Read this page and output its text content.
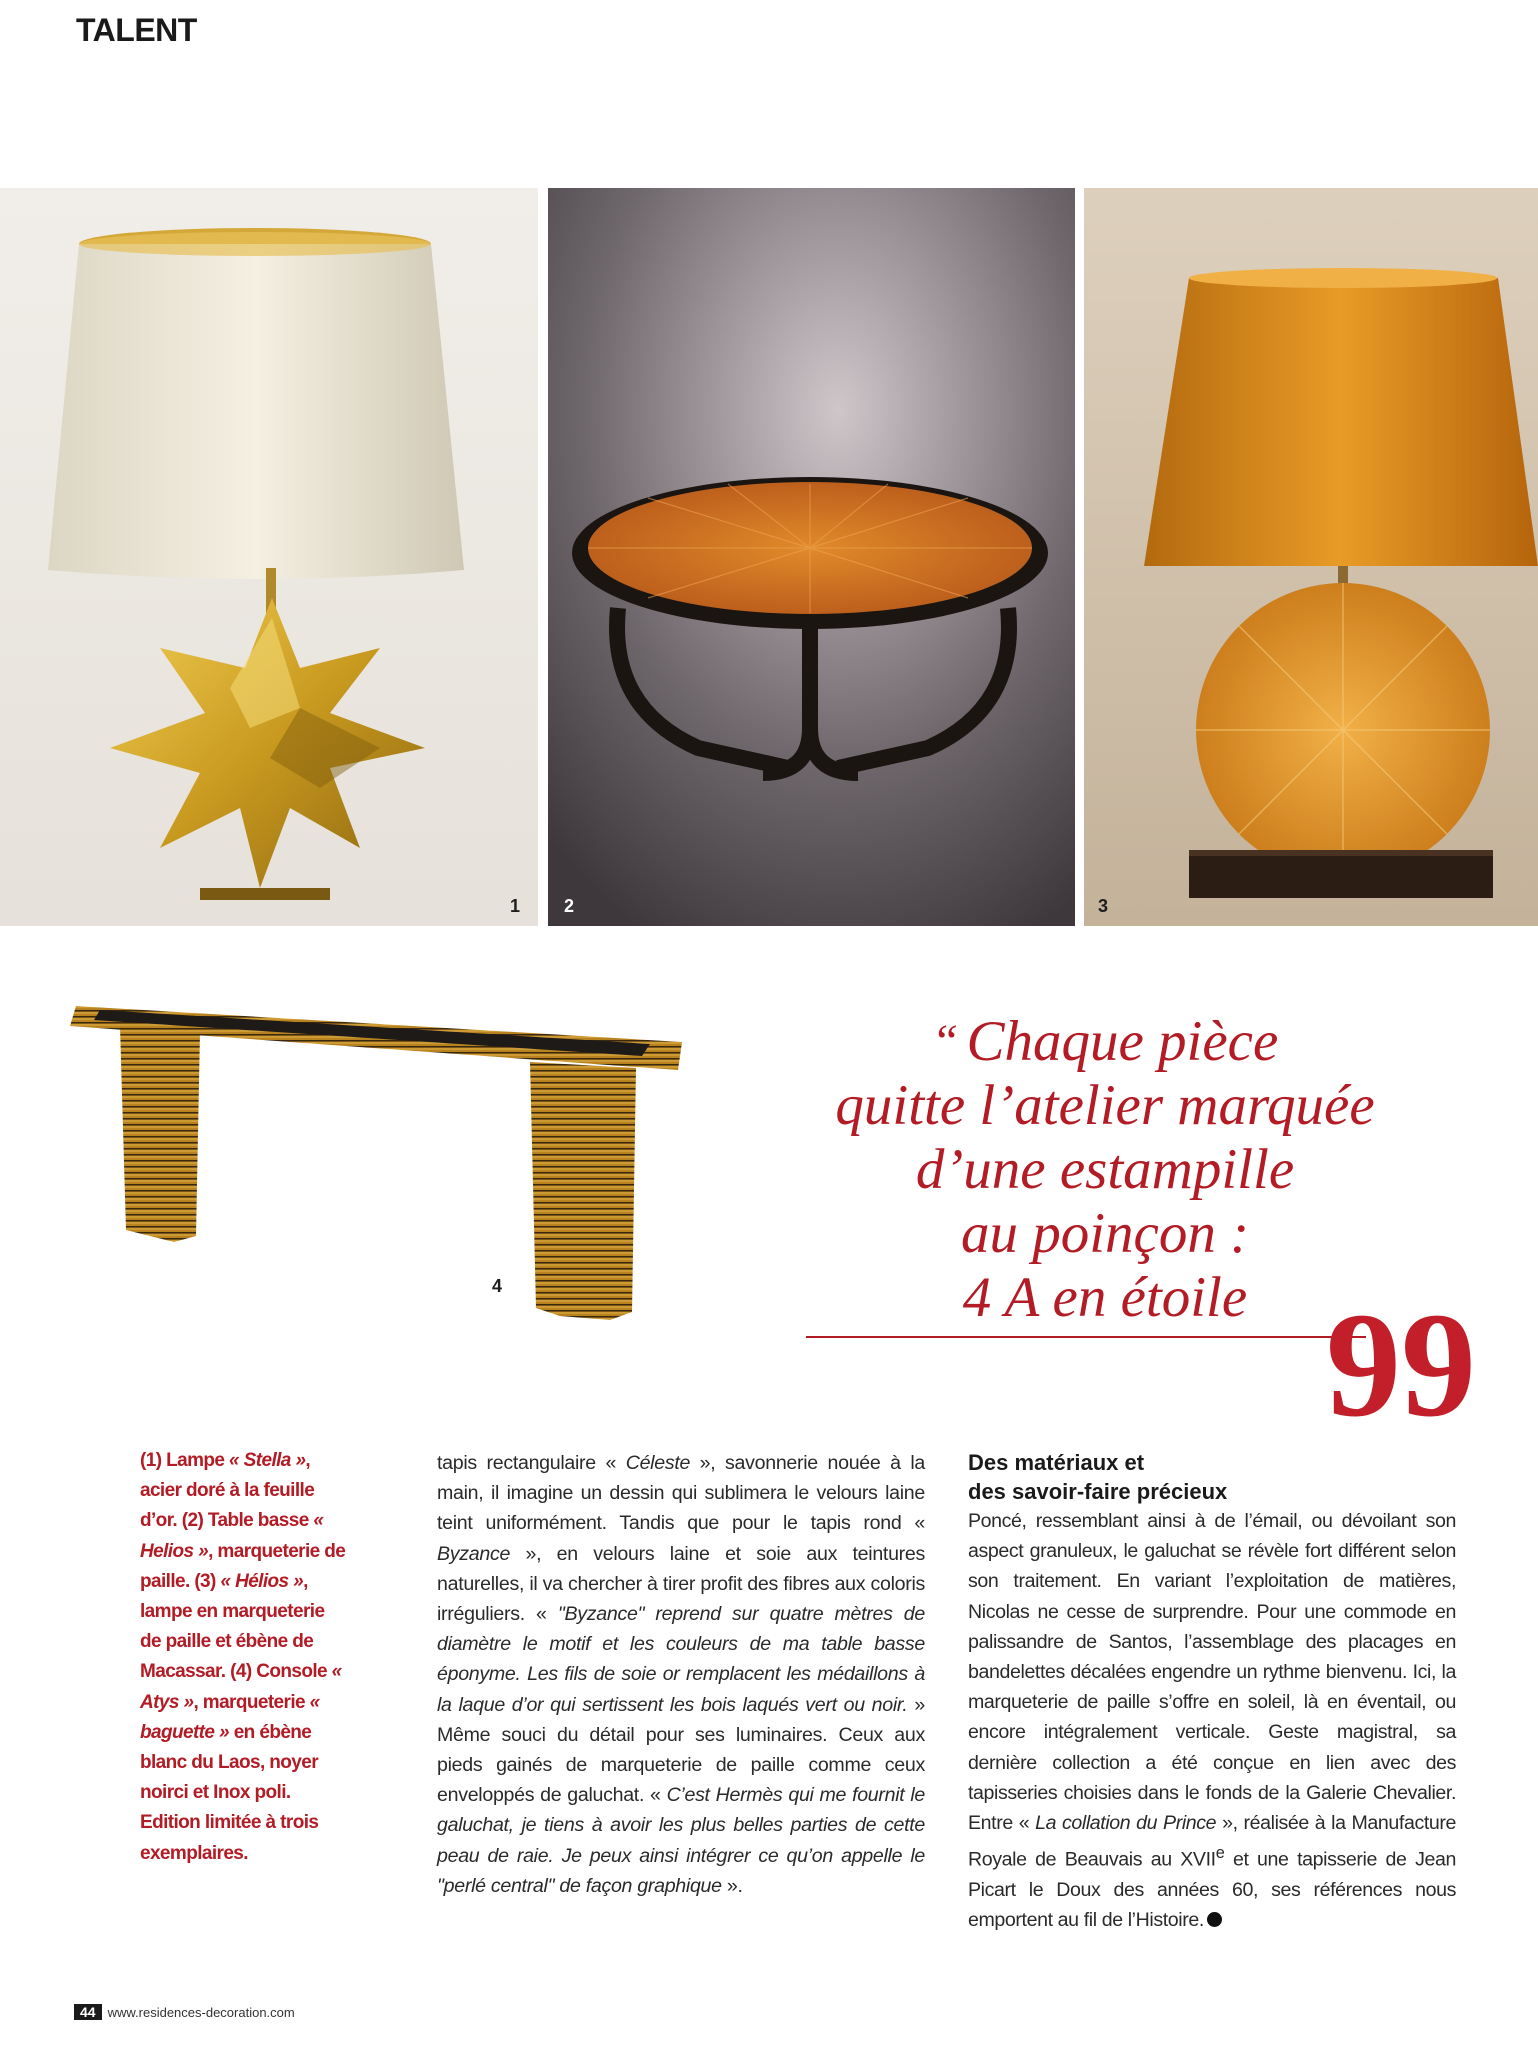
TALENT
1 2	3
4
“ Chaque pièce
quitte l’atelier marquée
d’une estampille
au poinçon :
4 A en étoile 99
(1) Lampe « Stella », acier doré à la feuille d’or. (2) Table basse « Helios », marqueterie de paille. (3) « Hélios », lampe en marqueterie de paille et ébène de Macassar. (4) Console « Atys », marqueterie « baguette » en ébène blanc du Laos, noyer noirci et Inox poli. Edition limitée à trois exemplaires.
tapis rectangulaire « Céleste », savonnerie nouée à la main, il imagine un dessin qui sublimera le velours laine teint uniformément. Tandis que pour le tapis rond « Byzance », en velours laine et soie aux teintures naturelles, il va chercher à tirer profit des fibres aux coloris irréguliers. « "Byzance" reprend sur quatre mètres de diamètre le motif et les couleurs de ma table basse éponyme. Les fils de soie or remplacent les médaillons à la laque d’or qui sertissent les bois laqués vert ou noir. » Même souci du détail pour ses luminaires. Ceux aux pieds gainés de marqueterie de paille comme ceux enveloppés de galuchat. « C’est Hermès qui me fournit le galuchat, je tiens à avoir les plus belles parties de cette peau de raie. Je peux ainsi intégrer ce qu’on appelle le "perlé central" de façon graphique ».
Des matériaux et
des savoir-faire précieux
Poncé, ressemblant ainsi à de l’émail, ou dévoilant son aspect granuleux, le galuchat se révèle fort différent selon son traitement. En variant l’exploitation de matières, Nicolas ne cesse de surprendre. Pour une commode en palissandre de Santos, l’assemblage des placages en bandelettes décalées engendre un rythme bienvenu. Ici, la marqueterie de paille s’offre en soleil, là en éventail, ou encore intégralement verticale. Geste magistral, sa dernière collection a été conçue en lien avec des tapisseries choisies dans le fonds de la Galerie Chevalier. Entre « La collation du Prince », réalisée à la Manufacture Royale de Beauvais au XVIIe et une tapisserie de Jean Picart le Doux des années 60, ses références nous emportent au fil de l’Histoire.
44 www.residences-decoration.com
